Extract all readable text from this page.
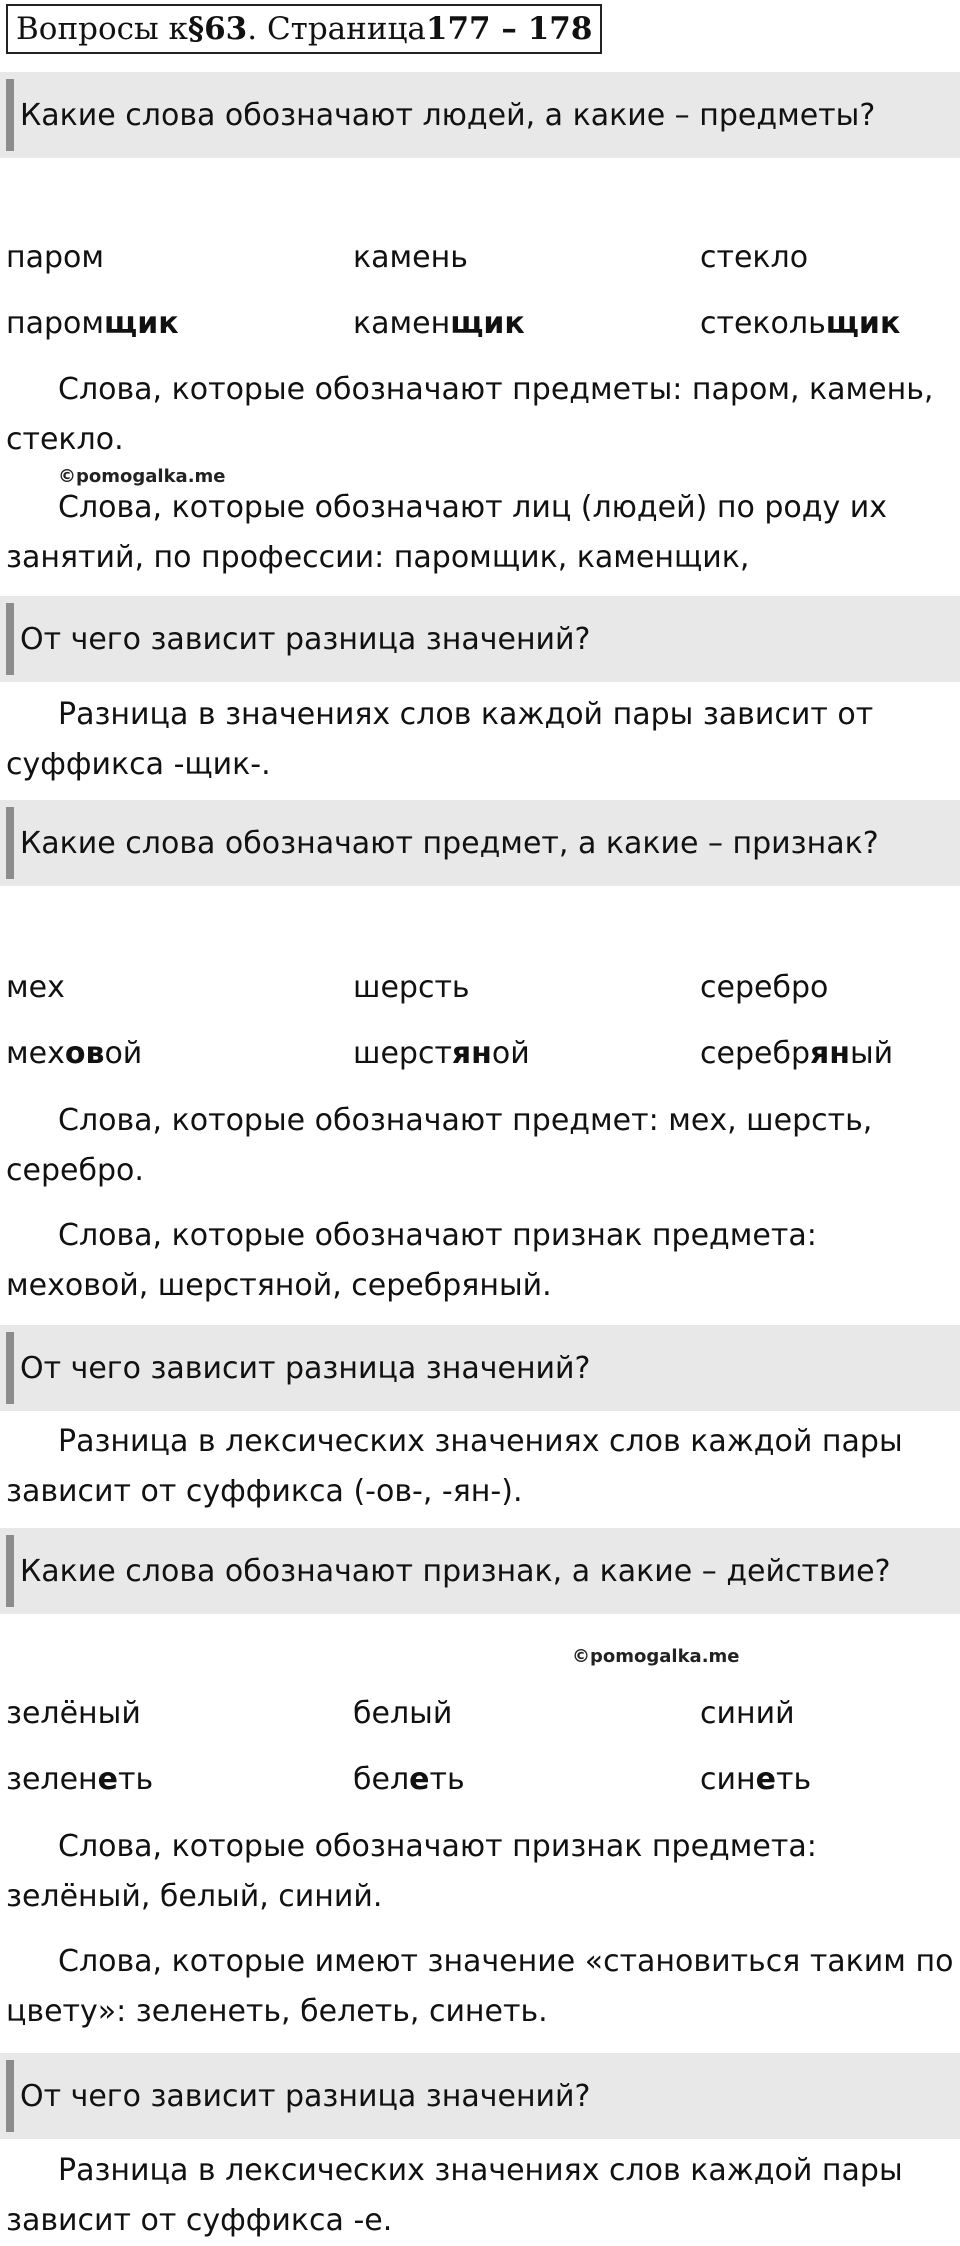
Вопросы к §63 . Страница 177 – 178
Какие слова обозначают людей, а какие – предметы?
паром	камень	стекло
паромщик	каменщик	стекольщик

Слова, которые обозначают предметы: паром, камень, стекло.

©pomogalka.me

Слова, которые обозначают лиц (людей) по роду их занятий, по профессии: паромщик, каменщик,

От чего зависит разница значений?

Разница в значениях слов каждой пары зависит от суффикса -щик-.

Какие слова обозначают предмет, а какие – признак?
мех	шерсть	серебро
меховой	шерстяной	серебряный

Слова, которые обозначают предмет: мех, шерсть, серебро.

Слова, которые обозначают признак предмета: меховой, шерстяной, серебряный.

От чего зависит разница значений?

Разница в лексических значениях слов каждой пары зависит от суффикса (-ов-, -ян-).

Какие слова обозначают признак, а какие – действие?
©pomogalka.me
зелёный	белый	синий
зеленеть	белеть	синеть

Слова, которые обозначают признак предмета: зелёный, белый, синий.

Слова, которые имеют значение «становиться таким по цвету»: зеленеть, белеть, синеть.

От чего зависит разница значений?

Разница в лексических значениях слов каждой пары зависит от суффикса -е.
